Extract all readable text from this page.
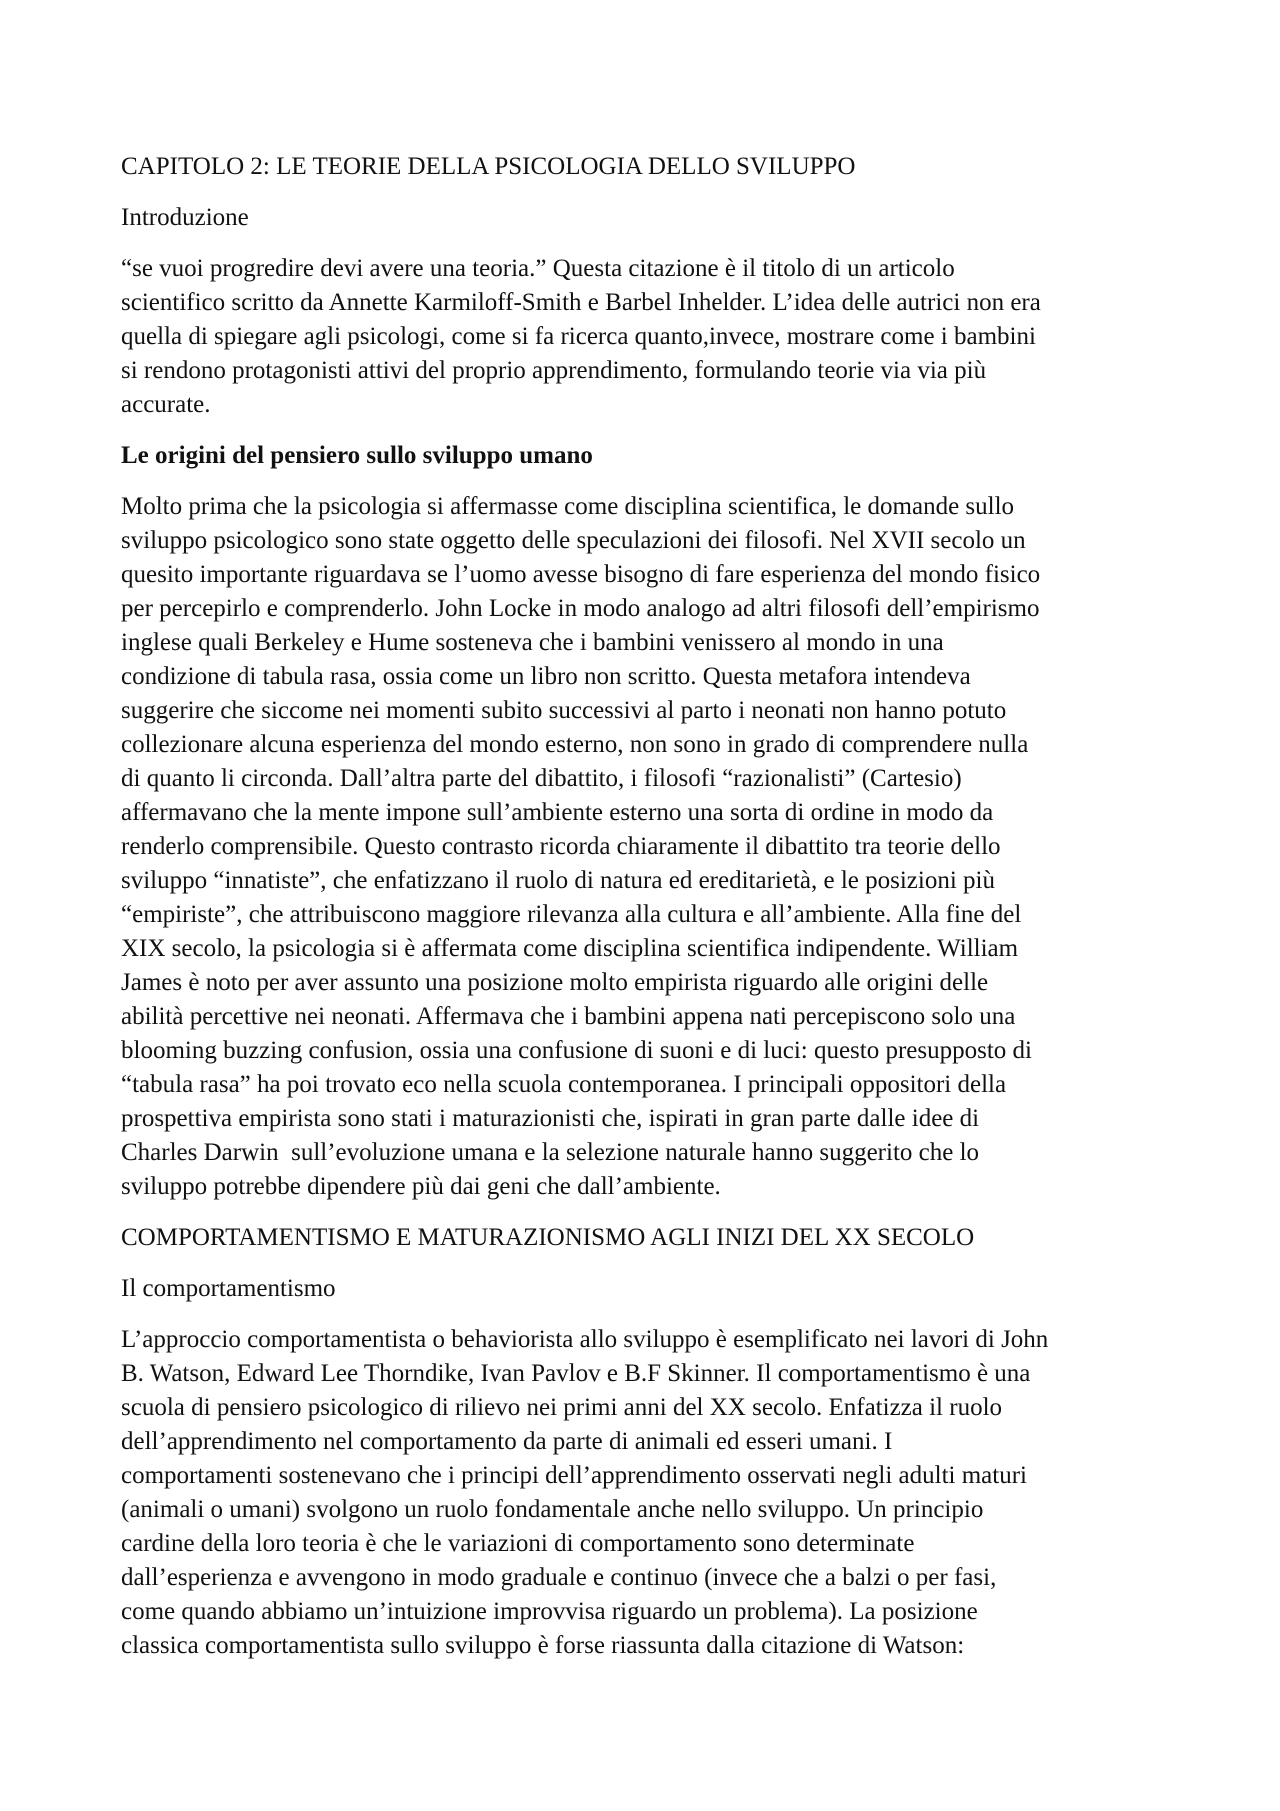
CAPITOLO 2: LE TEORIE DELLA PSICOLOGIA DELLO SVILUPPO

Introduzione

“se vuoi progredire devi avere una teoria.” Questa citazione è il titolo di un articolo
scientifico scritto da Annette Karmiloff-Smith e Barbel Inhelder. L’idea delle autrici non era
quella di spiegare agli psicologi, come si fa ricerca quanto,invece, mostrare come i bambini
si rendono protagonisti attivi del proprio apprendimento, formulando teorie via via più
accurate.

Le origini del pensiero sullo sviluppo umano

Molto prima che la psicologia si affermasse come disciplina scientifica, le domande sullo
sviluppo psicologico sono state oggetto delle speculazioni dei filosofi. Nel XVII secolo un
quesito importante riguardava se l’uomo avesse bisogno di fare esperienza del mondo fisico
per percepirlo e comprenderlo. John Locke in modo analogo ad altri filosofi dell’empirismo
inglese quali Berkeley e Hume sosteneva che i bambini venissero al mondo in una
condizione di tabula rasa, ossia come un libro non scritto. Questa metafora intendeva
suggerire che siccome nei momenti subito successivi al parto i neonati non hanno potuto
collezionare alcuna esperienza del mondo esterno, non sono in grado di comprendere nulla
di quanto li circonda. Dall’altra parte del dibattito, i filosofi “razionalisti” (Cartesio)
affermavano che la mente impone sull’ambiente esterno una sorta di ordine in modo da
renderlo comprensibile. Questo contrasto ricorda chiaramente il dibattito tra teorie dello
sviluppo “innatiste”, che enfatizzano il ruolo di natura ed ereditarietà, e le posizioni più
“empiriste”, che attribuiscono maggiore rilevanza alla cultura e all’ambiente. Alla fine del
XIX secolo, la psicologia si è affermata come disciplina scientifica indipendente. William
James è noto per aver assunto una posizione molto empirista riguardo alle origini delle
abilità percettive nei neonati. Affermava che i bambini appena nati percepiscono solo una
blooming buzzing confusion, ossia una confusione di suoni e di luci: questo presupposto di
“tabula rasa” ha poi trovato eco nella scuola contemporanea. I principali oppositori della
prospettiva empirista sono stati i maturazionisti che, ispirati in gran parte dalle idee di
Charles Darwin  sull’evoluzione umana e la selezione naturale hanno suggerito che lo
sviluppo potrebbe dipendere più dai geni che dall’ambiente.

COMPORTAMENTISMO E MATURAZIONISMO AGLI INIZI DEL XX SECOLO

Il comportamentismo

L’approccio comportamentista o behaviorista allo sviluppo è esemplificato nei lavori di John
B. Watson, Edward Lee Thorndike, Ivan Pavlov e B.F Skinner. Il comportamentismo è una
scuola di pensiero psicologico di rilievo nei primi anni del XX secolo. Enfatizza il ruolo
dell’apprendimento nel comportamento da parte di animali ed esseri umani. I
comportamenti sostenevano che i principi dell’apprendimento osservati negli adulti maturi
(animali o umani) svolgono un ruolo fondamentale anche nello sviluppo. Un principio
cardine della loro teoria è che le variazioni di comportamento sono determinate
dall’esperienza e avvengono in modo graduale e continuo (invece che a balzi o per fasi,
come quando abbiamo un’intuizione improvvisa riguardo un problema). La posizione
classica comportamentista sullo sviluppo è forse riassunta dalla citazione di Watson:
